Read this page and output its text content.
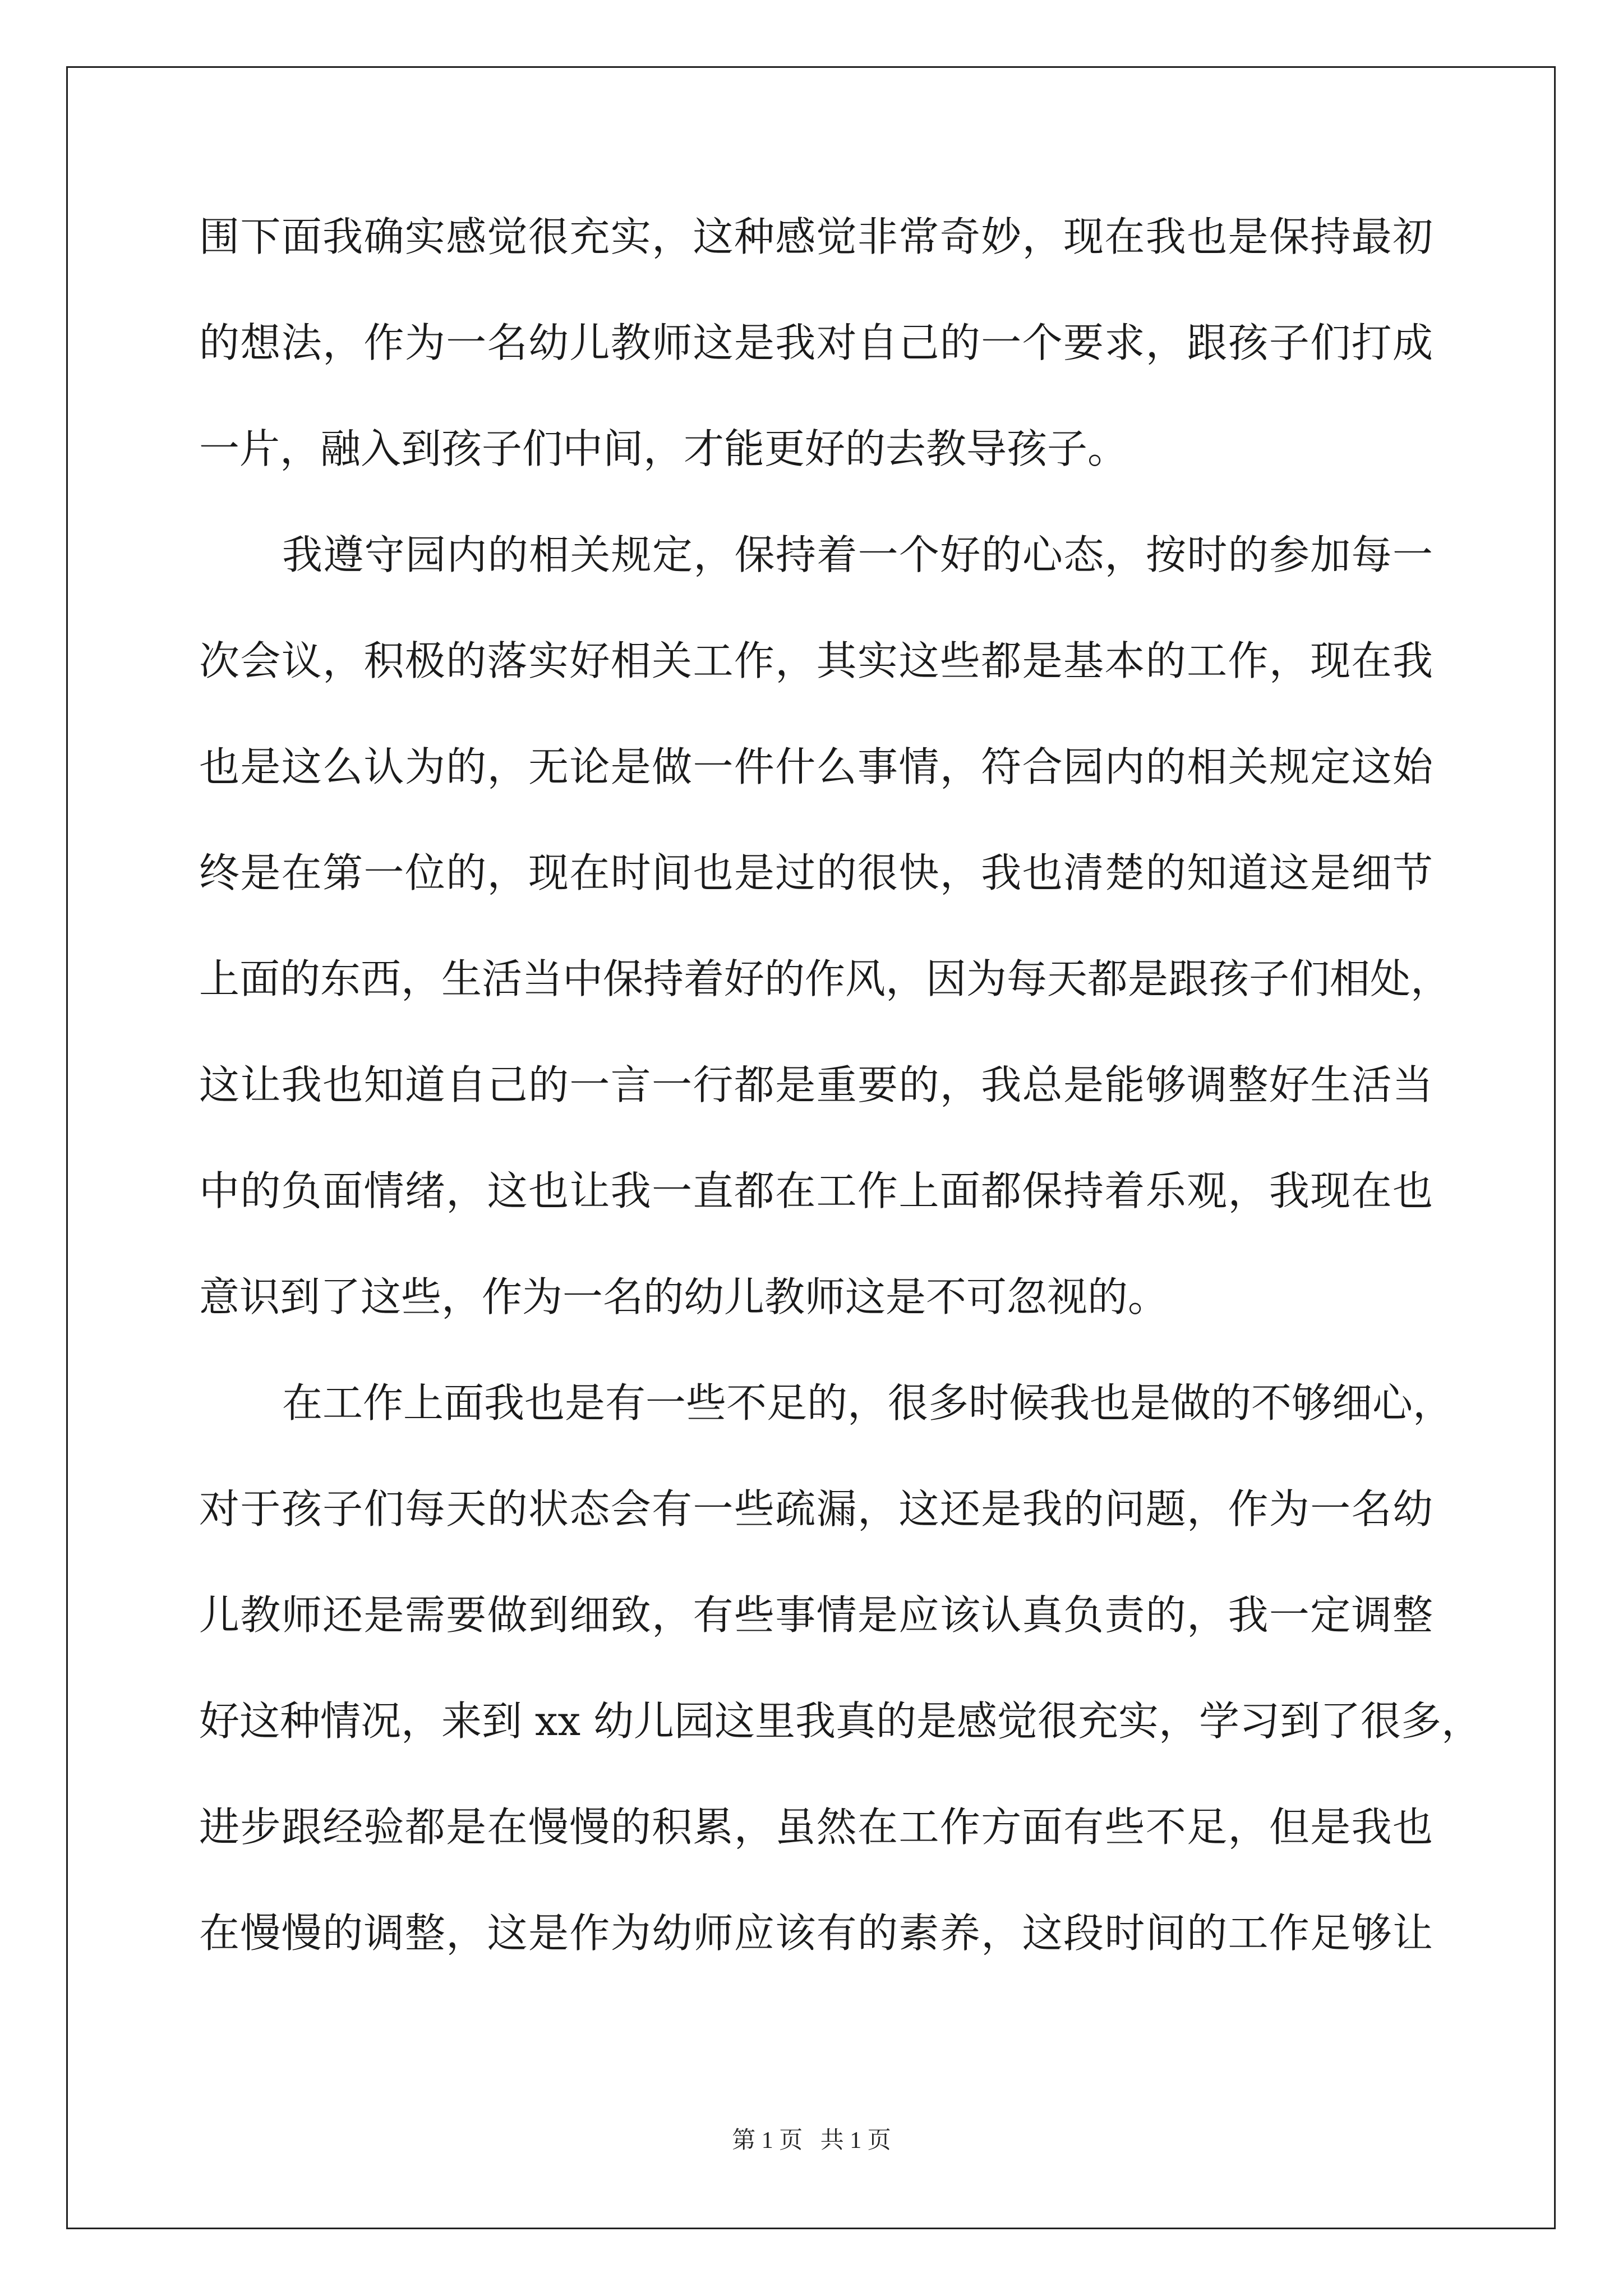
围下面我确实感觉很充实，这种感觉非常奇妙，现在我也是保持最初
的想法，作为一名幼儿教师这是我对自己的一个要求，跟孩子们打成
一片，融入到孩子们中间，才能更好的去教导孩子。
我遵守园内的相关规定，保持着一个好的心态，按时的参加每一
次会议，积极的落实好相关工作，其实这些都是基本的工作，现在我
也是这么认为的，无论是做一件什么事情，符合园内的相关规定这始
终是在第一位的，现在时间也是过的很快，我也清楚的知道这是细节
上面的东西，生活当中保持着好的作风，因为每天都是跟孩子们相处，
这让我也知道自己的一言一行都是重要的，我总是能够调整好生活当
中的负面情绪，这也让我一直都在工作上面都保持着乐观，我现在也
意识到了这些，作为一名的幼儿教师这是不可忽视的。
在工作上面我也是有一些不足的，很多时候我也是做的不够细心，
对于孩子们每天的状态会有一些疏漏，这还是我的问题，作为一名幼
儿教师还是需要做到细致，有些事情是应该认真负责的，我一定调整
好这种情况，来到 xx 幼儿园这里我真的是感觉很充实，学习到了很多，
进步跟经验都是在慢慢的积累，虽然在工作方面有些不足，但是我也
在慢慢的调整，这是作为幼师应该有的素养，这段时间的工作足够让
第 1 页   共 1 页
